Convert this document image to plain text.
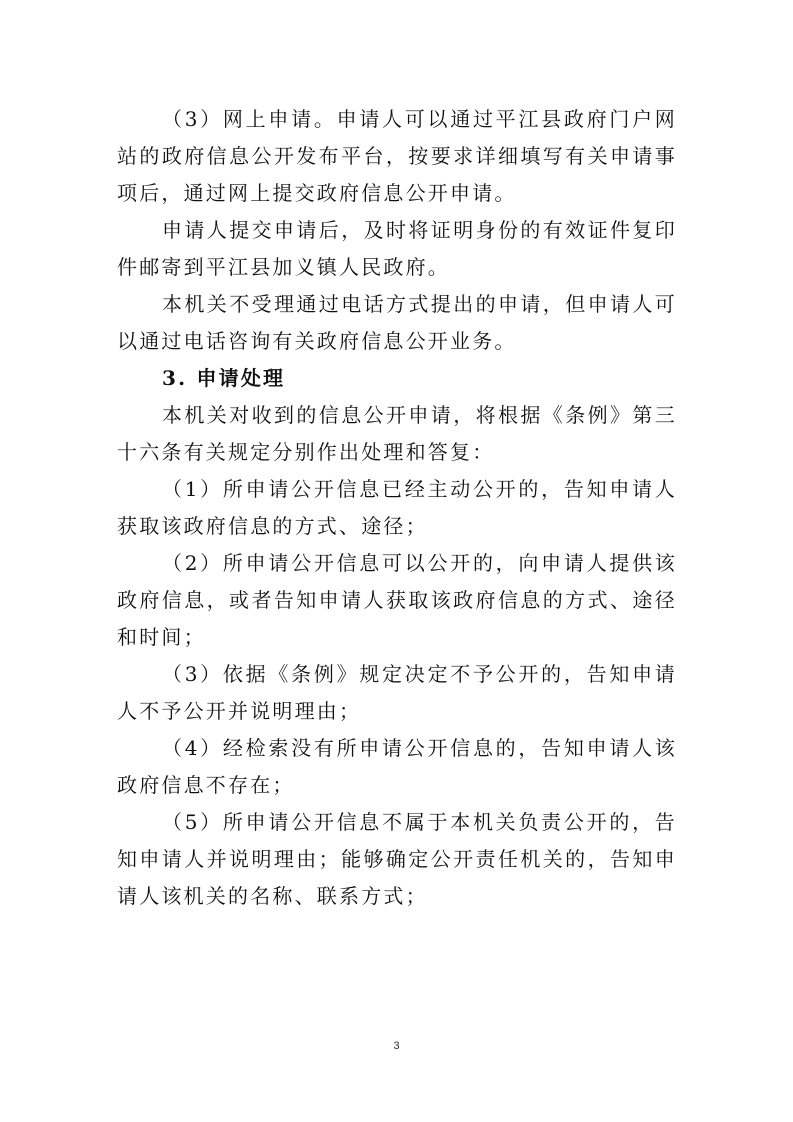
（3）网上申请。申请人可以通过平江县政府门户网站的政府信息公开发布平台，按要求详细填写有关申请事项后，通过网上提交政府信息公开申请。

申请人提交申请后，及时将证明身份的有效证件复印件邮寄到平江县加义镇人民政府。

本机关不受理通过电话方式提出的申请，但申请人可以通过电话咨询有关政府信息公开业务。

3. 申请处理

本机关对收到的信息公开申请，将根据《条例》第三十六条有关规定分别作出处理和答复：

（1）所申请公开信息已经主动公开的，告知申请人获取该政府信息的方式、途径；

（2）所申请公开信息可以公开的，向申请人提供该政府信息，或者告知申请人获取该政府信息的方式、途径和时间；

（3）依据《条例》规定决定不予公开的，告知申请人不予公开并说明理由；

（4）经检索没有所申请公开信息的，告知申请人该政府信息不存在；

（5）所申请公开信息不属于本机关负责公开的，告知申请人并说明理由；能够确定公开责任机关的，告知申请人该机关的名称、联系方式；

3
